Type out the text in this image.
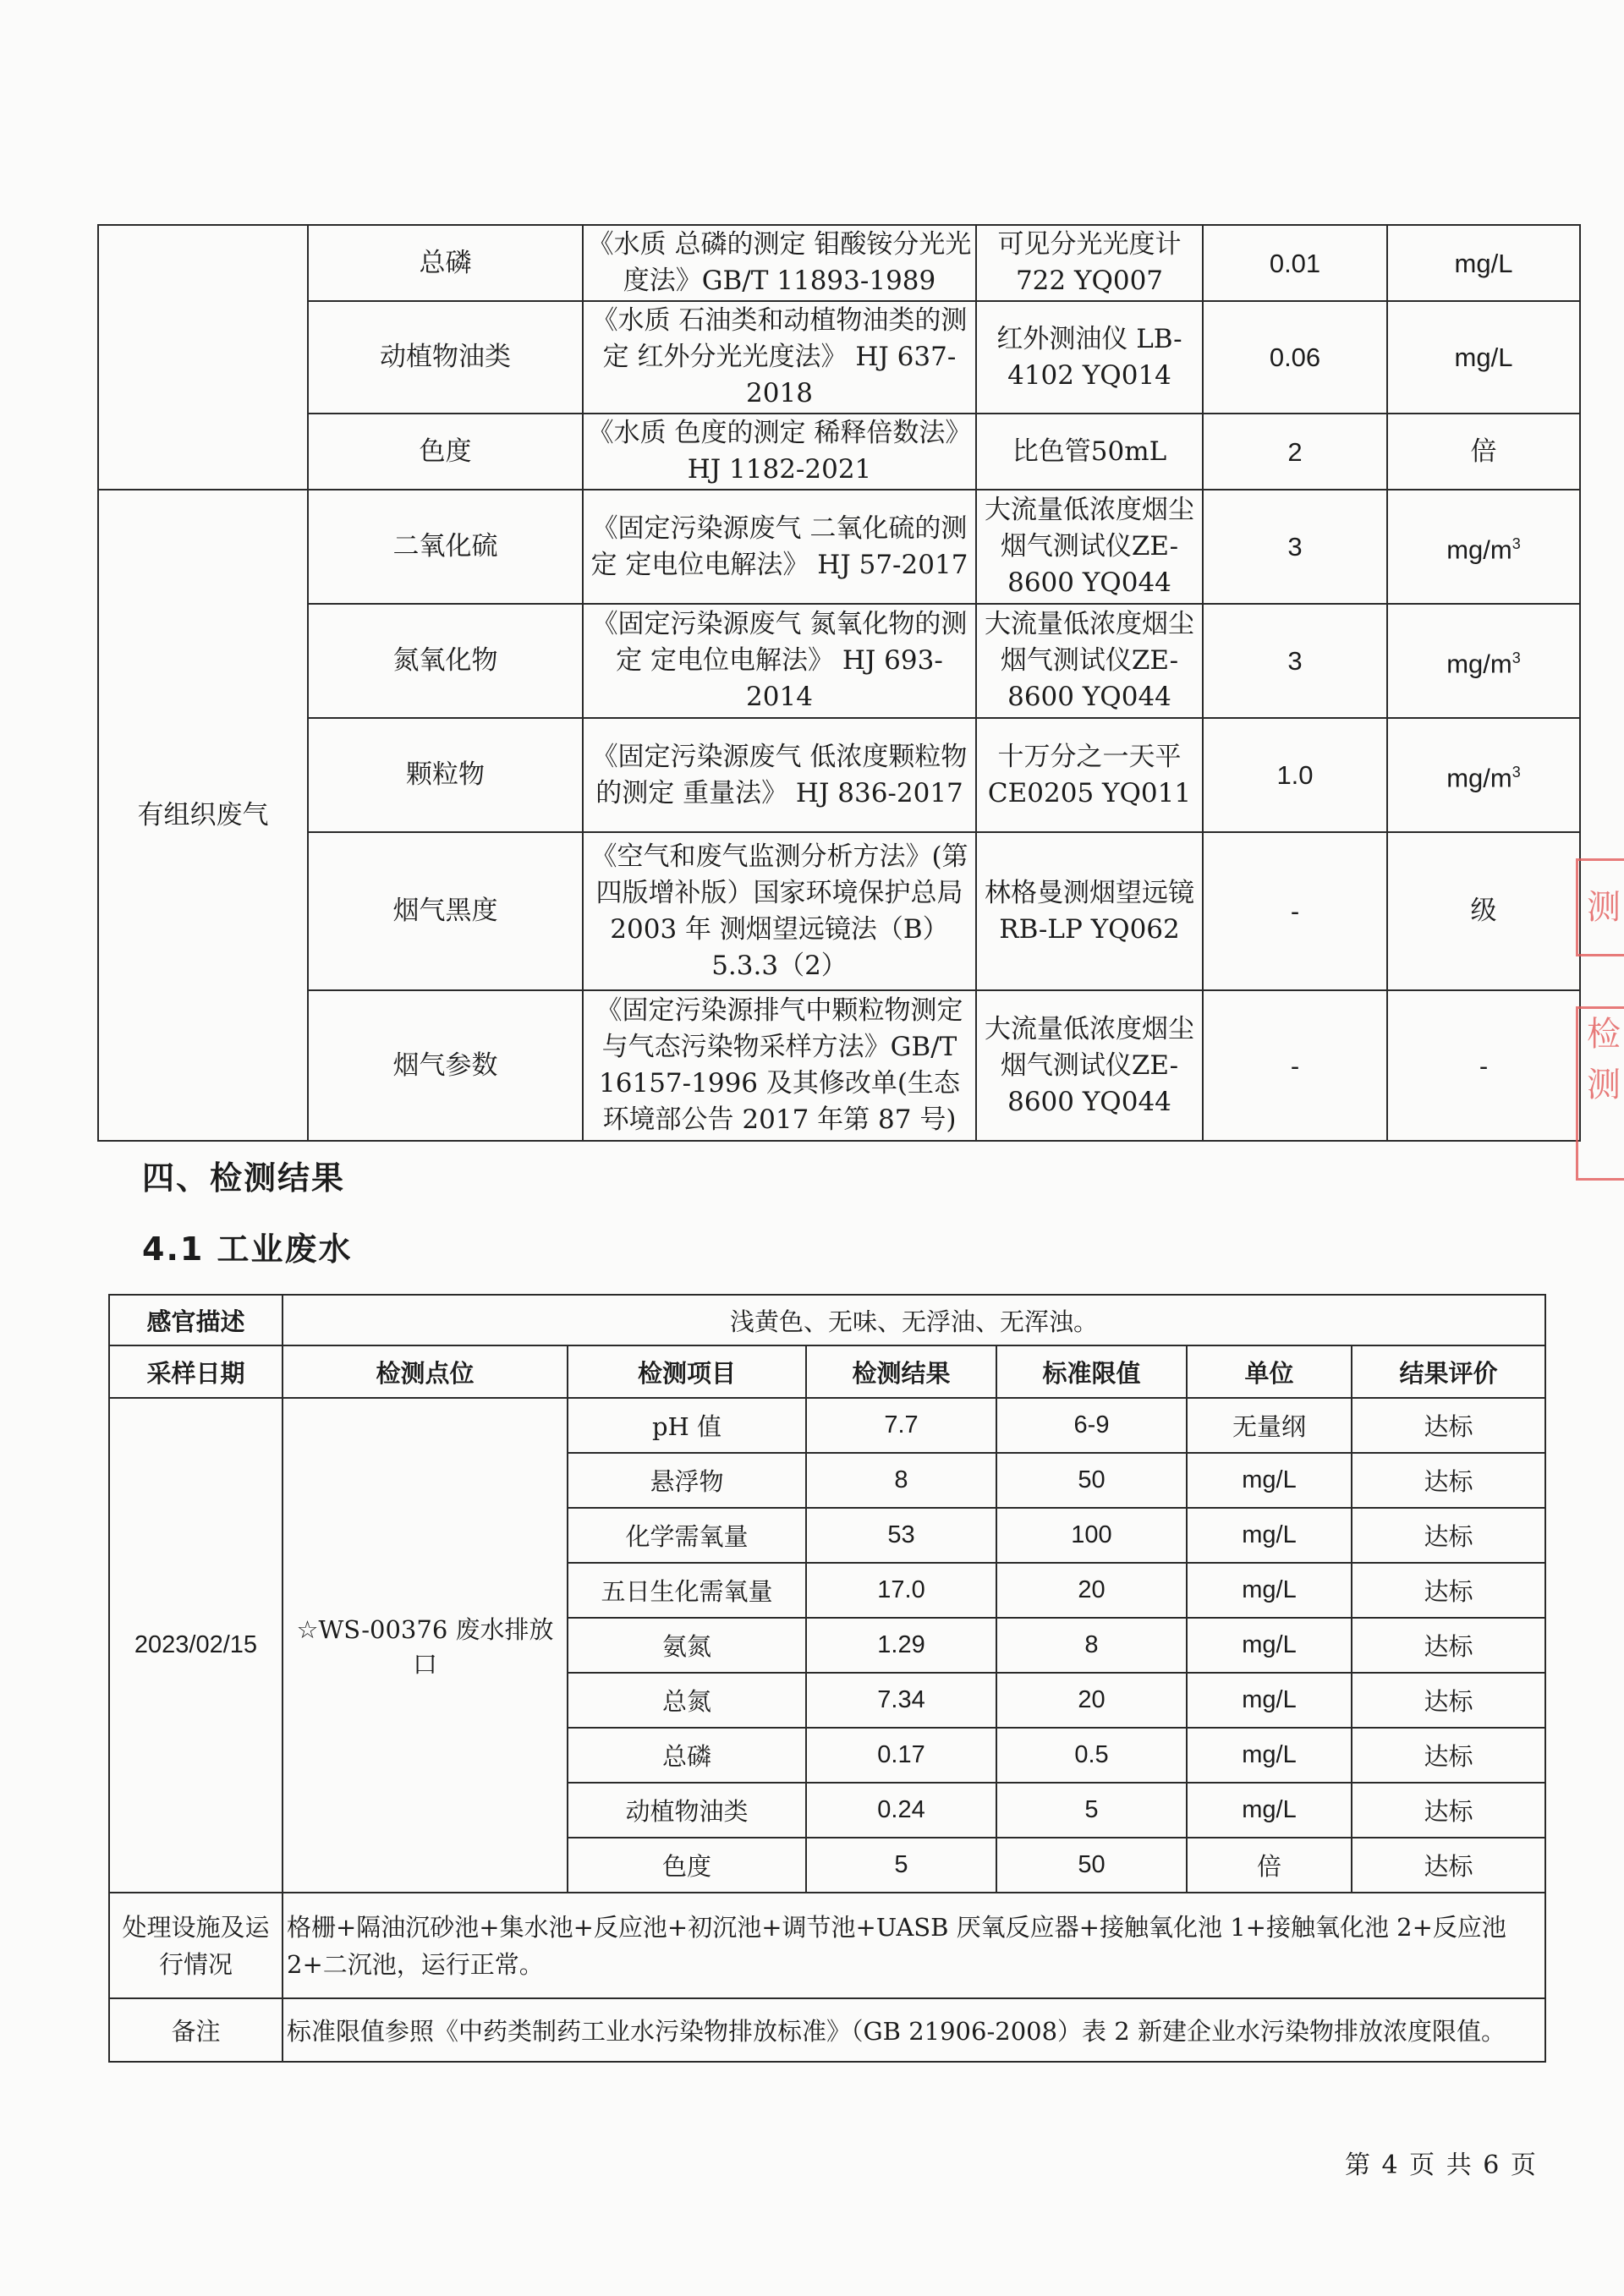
	总磷	《水质 总磷的测定 钼酸铵分光光度法》GB/T 11893-1989	可见分光光度计 722 YQ007	0.01	mg/L
	动植物油类	《水质 石油类和动植物油类的测定 红外分光光度法》 HJ 637-2018	红外测油仪 LB-4102 YQ014	0.06	mg/L
	色度	《水质 色度的测定 稀释倍数法》HJ 1182-2021	比色管50mL	2	倍
有组织废气	二氧化硫	《固定污染源废气 二氧化硫的测定 定电位电解法》 HJ 57-2017	大流量低浓度烟尘烟气测试仪ZE-8600 YQ044	3	$mg/m^3$
	氮氧化物	《固定污染源废气 氮氧化物的测定 定电位电解法》 HJ 693-2014	大流量低浓度烟尘烟气测试仪ZE-8600 YQ044	3	$mg/m^3$
	颗粒物	《固定污染源废气 低浓度颗粒物的测定 重量法》 HJ 836-2017	十万分之一天平 CE0205 YQ011	1.0	$mg/m^3$
	烟气黑度	《空气和废气监测分析方法》(第四版增补版）国家环境保护总局 2003 年 测烟望远镜法（B） 5.3.3（2）	林格曼测烟望远镜 RB-LP YQ062	-	级
	烟气参数	《固定污染源排气中颗粒物测定与气态污染物采样方法》GB/T 16157-1996 及其修改单(生态环境部公告 2017 年第 87 号)	大流量低浓度烟尘烟气测试仪ZE-8600 YQ044	-	-
四、检测结果
4.1 工业废水
感官描述	浅黄色、无味、无浮油、无浑浊。					
采样日期	检测点位	检测项目	检测结果	标准限值	单位	结果评价
2023/02/15	☆WS-00376 废水排放口	pH 值	7.7	6-9	无量纲	达标
		悬浮物	8	50	mg/L	达标
		化学需氧量	53	100	mg/L	达标
		五日生化需氧量	17.0	20	mg/L	达标
		氨氮	1.29	8	mg/L	达标
		总氮	7.34	20	mg/L	达标
		总磷	0.17	0.5	mg/L	达标
		动植物油类	0.24	5	mg/L	达标
		色度	5	50	倍	达标
处理设施及运行情况	格栅+隔油沉砂池+集水池+反应池+初沉池+调节池+UASB 厌氧反应器+接触氧化池 1+接触氧化池 2+反应池 2+二沉池，运行正常。					
备注	标准限值参照《中药类制药工业水污染物排放标准》（GB 21906-2008）表 2 新建企业水污染物排放浓度限值。					
第 4 页 共 6 页
测
检测
